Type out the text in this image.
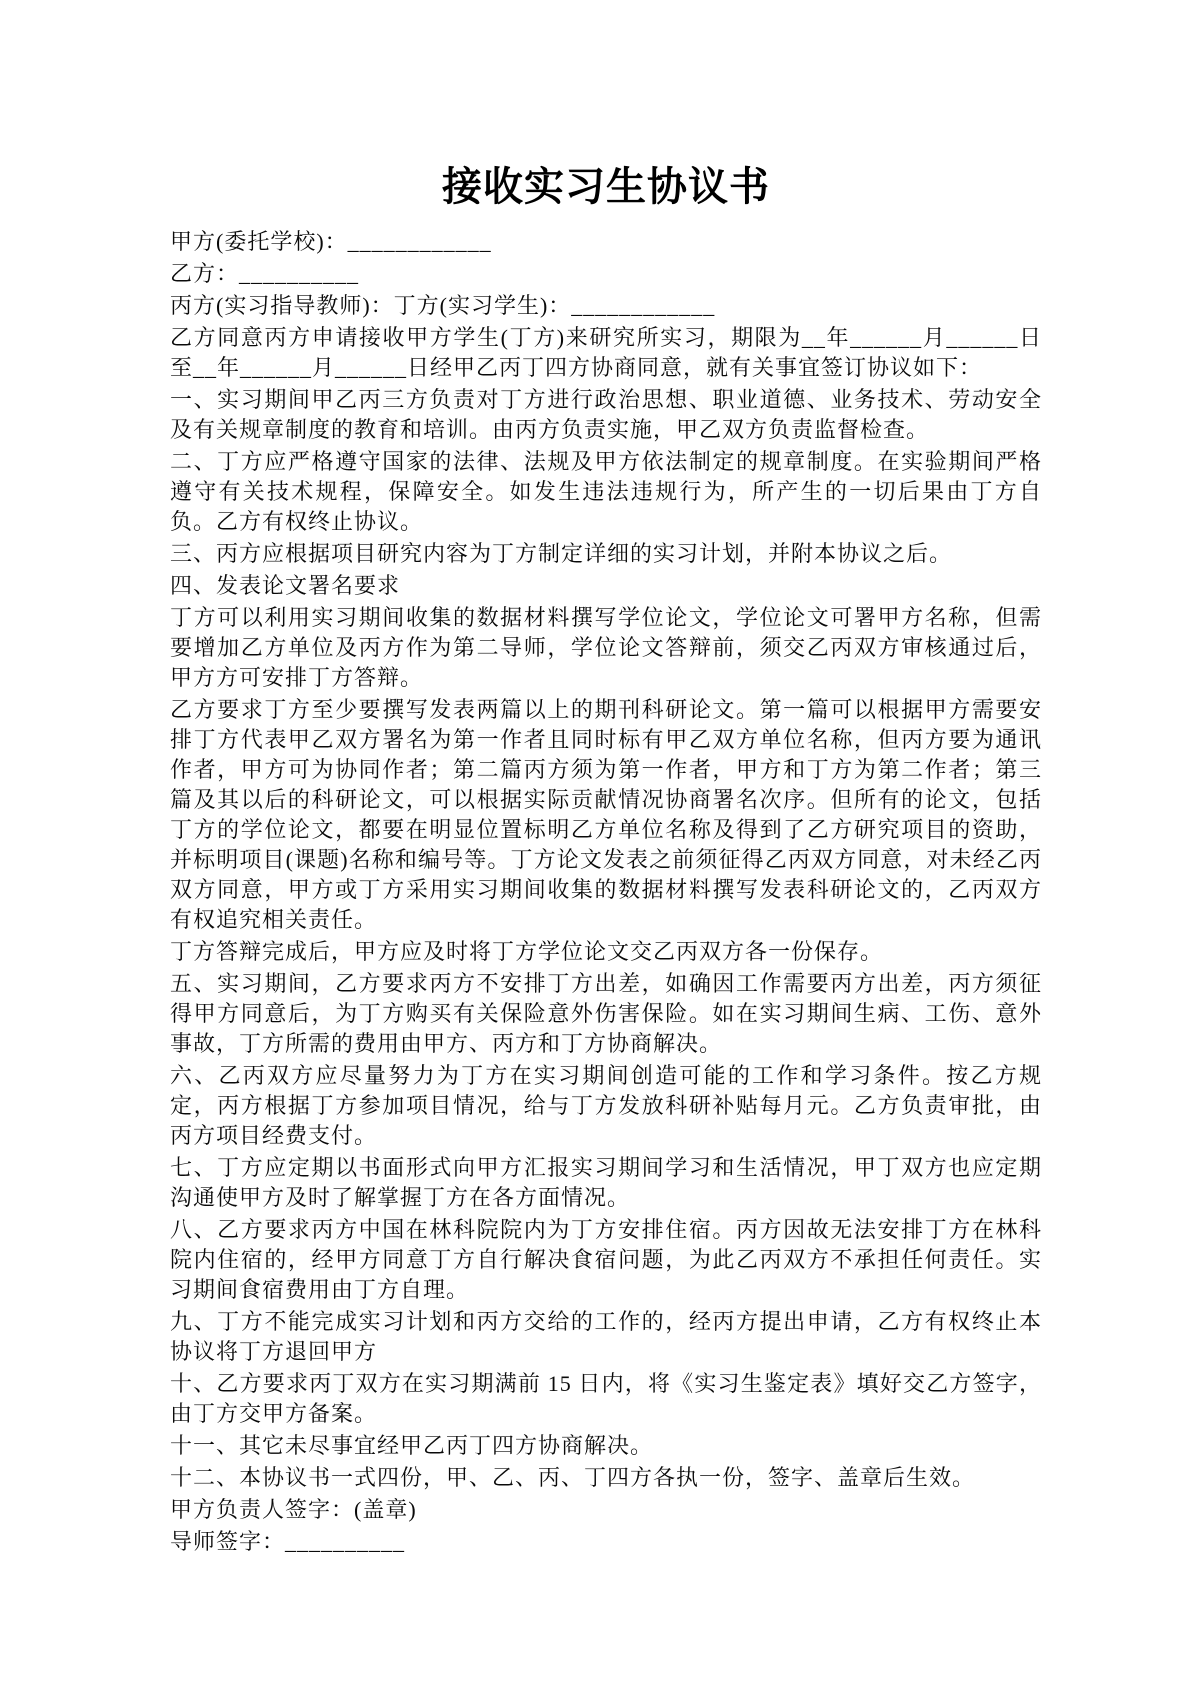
接收实习生协议书

甲方(委托学校)：____________

乙方：__________

丙方(实习指导教师)：丁方(实习学生)：____________

乙方同意丙方申请接收甲方学生(丁方)来研究所实习，期限为__年______月______日至__年______月______日经甲乙丙丁四方协商同意，就有关事宜签订协议如下：

一、实习期间甲乙丙三方负责对丁方进行政治思想、职业道德、业务技术、劳动安全及有关规章制度的教育和培训。由丙方负责实施，甲乙双方负责监督检查。

二、丁方应严格遵守国家的法律、法规及甲方依法制定的规章制度。在实验期间严格遵守有关技术规程，保障安全。如发生违法违规行为，所产生的一切后果由丁方自负。乙方有权终止协议。

三、丙方应根据项目研究内容为丁方制定详细的实习计划，并附本协议之后。

四、发表论文署名要求

丁方可以利用实习期间收集的数据材料撰写学位论文，学位论文可署甲方名称，但需要增加乙方单位及丙方作为第二导师，学位论文答辩前，须交乙丙双方审核通过后，甲方方可安排丁方答辩。

乙方要求丁方至少要撰写发表两篇以上的期刊科研论文。第一篇可以根据甲方需要安排丁方代表甲乙双方署名为第一作者且同时标有甲乙双方单位名称，但丙方要为通讯作者，甲方可为协同作者；第二篇丙方须为第一作者，甲方和丁方为第二作者；第三篇及其以后的科研论文，可以根据实际贡献情况协商署名次序。但所有的论文，包括丁方的学位论文，都要在明显位置标明乙方单位名称及得到了乙方研究项目的资助，并标明项目(课题)名称和编号等。丁方论文发表之前须征得乙丙双方同意，对未经乙丙双方同意，甲方或丁方采用实习期间收集的数据材料撰写发表科研论文的，乙丙双方有权追究相关责任。

丁方答辩完成后，甲方应及时将丁方学位论文交乙丙双方各一份保存。

五、实习期间，乙方要求丙方不安排丁方出差，如确因工作需要丙方出差，丙方须征得甲方同意后，为丁方购买有关保险意外伤害保险。如在实习期间生病、工伤、意外事故，丁方所需的费用由甲方、丙方和丁方协商解决。

六、乙丙双方应尽量努力为丁方在实习期间创造可能的工作和学习条件。按乙方规定，丙方根据丁方参加项目情况，给与丁方发放科研补贴每月元。乙方负责审批，由丙方项目经费支付。

七、丁方应定期以书面形式向甲方汇报实习期间学习和生活情况，甲丁双方也应定期沟通使甲方及时了解掌握丁方在各方面情况。

八、乙方要求丙方中国在林科院院内为丁方安排住宿。丙方因故无法安排丁方在林科院内住宿的，经甲方同意丁方自行解决食宿问题，为此乙丙双方不承担任何责任。实习期间食宿费用由丁方自理。

九、丁方不能完成实习计划和丙方交给的工作的，经丙方提出申请，乙方有权终止本协议将丁方退回甲方

十、乙方要求丙丁双方在实习期满前 15 日内，将《实习生鉴定表》填好交乙方签字，由丁方交甲方备案。

十一、其它未尽事宜经甲乙丙丁四方协商解决。

十二、本协议书一式四份，甲、乙、丙、丁四方各执一份，签字、盖章后生效。

甲方负责人签字：(盖章)

导师签字：__________
